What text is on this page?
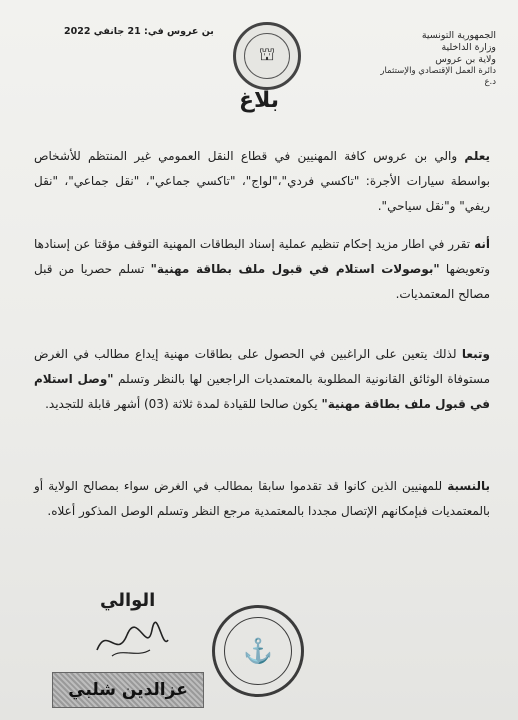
الجمهورية التونسية
وزارة الداخلية
ولاية بن عروس
دائرة العمل الإقتصادي والإستثمار
د.ع
بن عروس في: 21 جانفي 2022
⛫
بلاغ
يعلم والي بن عروس كافة المهنيين في قطاع النقل العمومي غير المنتظم للأشخاص بواسطة سيارات الأجرة: "تاكسي فردي"،"لواج"، "تاكسي جماعي"، "نقل جماعي"، "نقل ريفي" و"نقل سياحي".
أنه تقرر في اطار مزيد إحكام تنظيم عملية إسناد البطاقات المهنية التوقف مؤقتا عن إسنادها وتعويضها "بوصولات استلام في قبول ملف بطاقة مهنية" تسلم حصريا من قبل مصالح المعتمديات.
وتبعا لذلك يتعين على الراغبين في الحصول على بطاقات مهنية إيداع مطالب في الغرض مستوفاة الوثائق القانونية المطلوبة بالمعتمديات الراجعين لها بالنظر وتسلم "وصل استلام في قبول ملف بطاقة مهنية" يكون صالحا للقيادة لمدة ثلاثة (03) أشهر قابلة للتجديد.
بالنسبة للمهنيين الذين كانوا قد تقدموا سابقا بمطالب في الغرض سواء بمصالح الولاية أو بالمعتمديات فبإمكانهم الإتصال مجددا بالمعتمدية مرجع النظر وتسلم الوصل المذكور أعلاه.
الوالي
⚓
عزالدين شلبي
